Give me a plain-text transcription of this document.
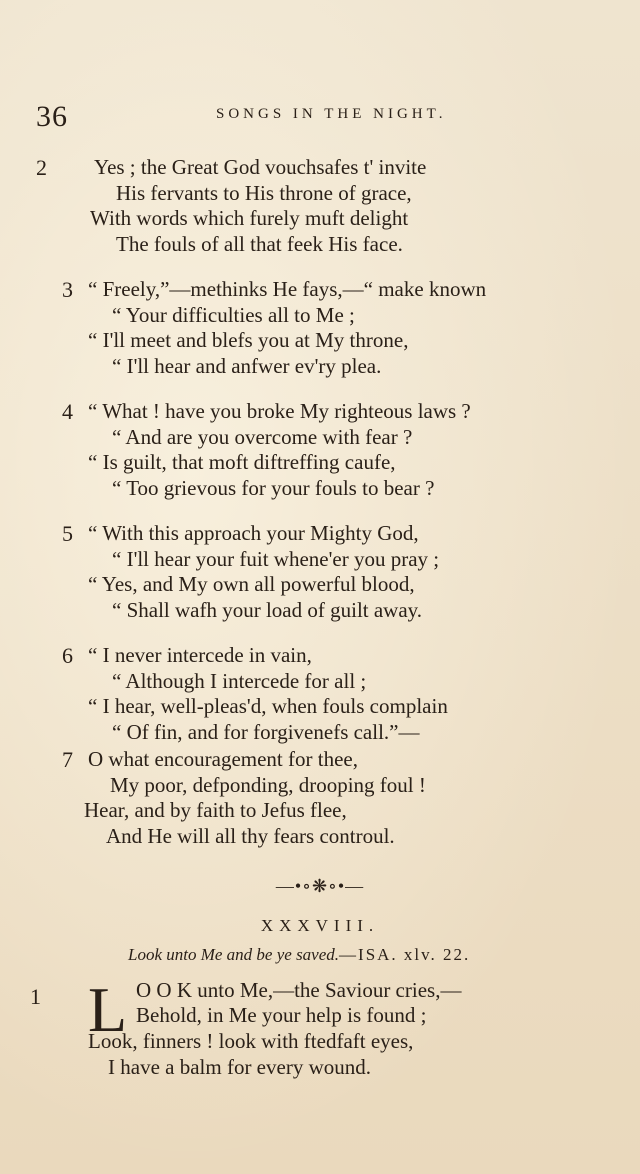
36	SONGS IN THE NIGHT.
2 Yes ; the Great God vouchsafes t' invite
His fervants to His throne of grace,
With words which furely muft delight
The fouls of all that feek His face.
3 “ Freely,”—methinks He fays,—“ make known
“ Your difficulties all to Me ;
“ I'll meet and blefs you at My throne,
“ I'll hear and anfwer ev'ry plea.
4 “ What ! have you broke My righteous laws ?
“ And are you overcome with fear ?
“ Is guilt, that moft diftreffing caufe,
“ Too grievous for your fouls to bear ?
5 “ With this approach your Mighty God,
“ I'll hear your fuit whene'er you pray ;
“ Yes, and My own all powerful blood,
“ Shall wafh your load of guilt away.
6 “ I never intercede in vain,
“ Although I intercede for all ;
“ I hear, well-pleas'd, when fouls complain
“ Of fin, and for forgivenefs call.”—
7 O what encouragement for thee,
My poor, defponding, drooping foul !
Hear, and by faith to Jefus flee,
And He will all thy fears controul.
—•∘❋∘•—
XXXVIII.
Look unto Me and be ye saved.—ISA. xlv. 22.
1 L O O K unto Me,—the Saviour cries,—
Behold, in Me your help is found ;
Look, finners ! look with ftedfaft eyes,
I have a balm for every wound.
